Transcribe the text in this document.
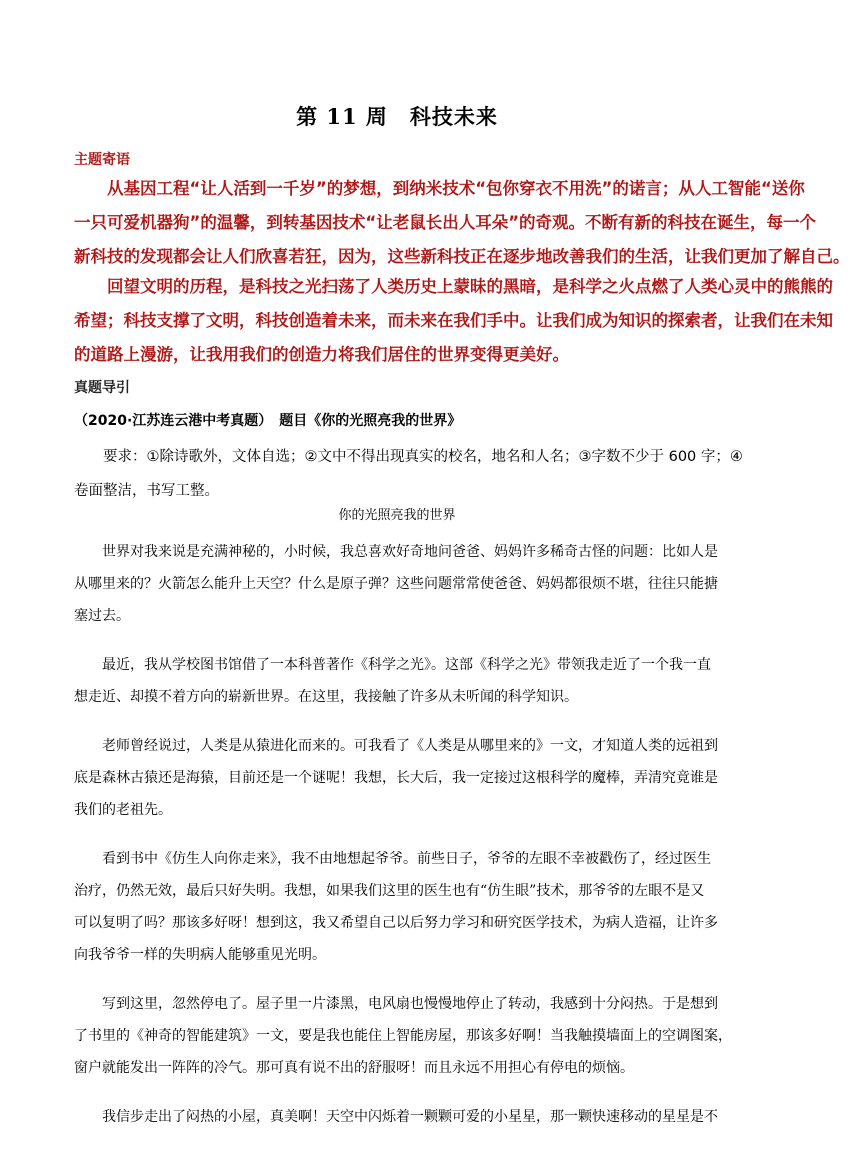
第 11 周　科技未来
主题寄语
　　从基因工程“让人活到一千岁”的梦想，到纳米技术“包你穿衣不用洗”的诺言；从人工智能“送你
一只可爱机器狗”的温馨，到转基因技术“让老鼠长出人耳朵”的奇观。不断有新的科技在诞生，每一个
新科技的发现都会让人们欣喜若狂，因为，这些新科技正在逐步地改善我们的生活，让我们更加了解自己。
　　回望文明的历程，是科技之光扫荡了人类历史上蒙昧的黑暗，是科学之火点燃了人类心灵中的熊熊的
希望；科技支撑了文明，科技创造着未来，而未来在我们手中。让我们成为知识的探索者，让我们在未知
的道路上漫游，让我用我们的创造力将我们居住的世界变得更美好。
真题导引
（2020·江苏连云港中考真题）　题目《你的光照亮我的世界》
　　要求：①除诗歌外，文体自选；②文中不得出现真实的校名，地名和人名；③字数不少于 600 字；④
卷面整洁，书写工整。
你的光照亮我的世界
世界对我来说是充满神秘的，小时候，我总喜欢好奇地问爸爸、妈妈许多稀奇古怪的问题：比如人是
从哪里来的？火箭怎么能升上天空？什么是原子弹？这些问题常常使爸爸、妈妈都很烦不堪，往往只能搪
塞过去。
最近，我从学校图书馆借了一本科普著作《科学之光》。这部《科学之光》带领我走近了一个我一直
想走近、却摸不着方向的崭新世界。在这里，我接触了许多从未听闻的科学知识。
老师曾经说过，人类是从猿进化而来的。可我看了《人类是从哪里来的》一文，才知道人类的远祖到
底是森林古猿还是海猿，目前还是一个谜呢！我想，长大后，我一定接过这根科学的魔棒，弄清究竟谁是
我们的老祖先。
看到书中《仿生人向你走来》，我不由地想起爷爷。前些日子，爷爷的左眼不幸被戳伤了，经过医生
治疗，仍然无效，最后只好失明。我想，如果我们这里的医生也有“仿生眼”技术，那爷爷的左眼不是又
可以复明了吗？那该多好呀！想到这，我又希望自己以后努力学习和研究医学技术，为病人造福，让许多
向我爷爷一样的失明病人能够重见光明。
写到这里，忽然停电了。屋子里一片漆黑，电风扇也慢慢地停止了转动，我感到十分闷热。于是想到
了书里的《神奇的智能建筑》一文，要是我也能住上智能房屋，那该多好啊！当我触摸墙面上的空调图案，
窗户就能发出一阵阵的冷气。那可真有说不出的舒服呀！而且永远不用担心有停电的烦恼。
我信步走出了闷热的小屋，真美啊！天空中闪烁着一颗颗可爱的小星星，那一颗快速移动的星星是不
